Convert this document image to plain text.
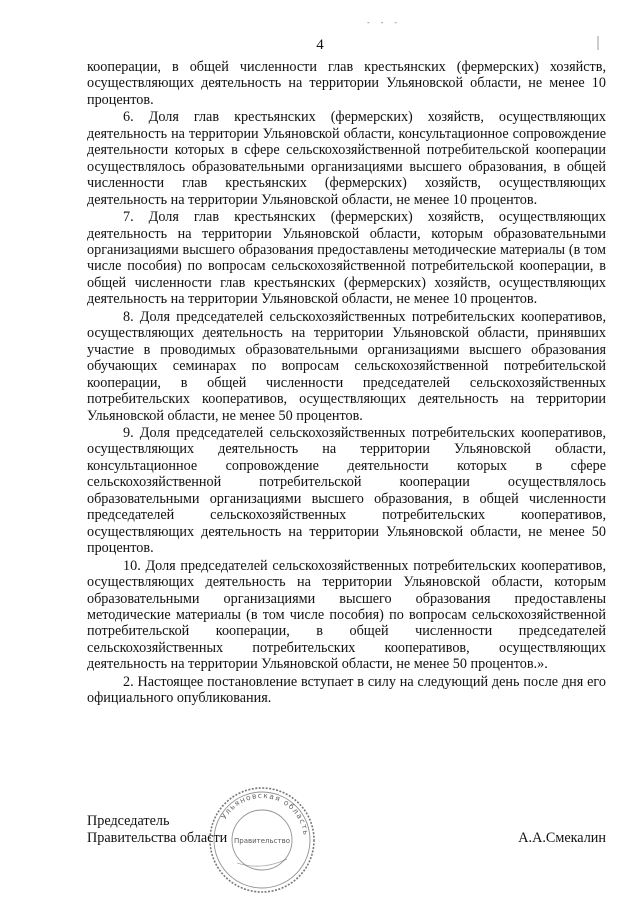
- - -
4

кооперации, в общей численности глав крестьянских (фермерских) хозяйств, осуществляющих деятельность на территории Ульяновской области, не менее 10 процентов.

6. Доля глав крестьянских (фермерских) хозяйств, осуществляющих деятельность на территории Ульяновской области, консультационное сопровождение деятельности которых в сфере сельскохозяйственной потребительской кооперации осуществлялось образовательными организациями высшего образования, в общей численности глав крестьянских (фермерских) хозяйств, осуществляющих деятельность на территории Ульяновской области, не менее 10 процентов.

7. Доля глав крестьянских (фермерских) хозяйств, осуществляющих деятельность на территории Ульяновской области, которым образовательными организациями высшего образования предоставлены методические материалы (в том числе пособия) по вопросам сельскохозяйственной потребительской кооперации, в общей численности глав крестьянских (фермерских) хозяйств, осуществляющих деятельность на территории Ульяновской области, не менее 10 процентов.

8. Доля председателей сельскохозяйственных потребительских кооперативов, осуществляющих деятельность на территории Ульяновской области, принявших участие в проводимых образовательными организациями высшего образования обучающих семинарах по вопросам сельскохозяйственной потребительской кооперации, в общей численности председателей сельскохозяйственных потребительских кооперативов, осуществляющих деятельность на территории Ульяновской области, не менее 50 процентов.

9. Доля председателей сельскохозяйственных потребительских кооперативов, осуществляющих деятельность на территории Ульяновской области, консультационное сопровождение деятельности которых в сфере сельскохозяйственной потребительской кооперации осуществлялось образовательными организациями высшего образования, в общей численности председателей сельскохозяйственных потребительских кооперативов, осуществляющих деятельность на территории Ульяновской области, не менее 50 процентов.

10. Доля председателей сельскохозяйственных потребительских кооперативов, осуществляющих деятельность на территории Ульяновской области, которым образовательными организациями высшего образования предоставлены методические материалы (в том числе пособия) по вопросам сельскохозяйственной потребительской кооперации, в общей численности председателей сельскохозяйственных потребительских кооперативов, осуществляющих деятельность на территории Ульяновской области, не менее 50 процентов.».

2. Настоящее постановление вступает в силу на следующий день после дня его официального опубликования.

Председатель
Правительства области	А.А.Смекалин
Ульяновская область
Правительство
